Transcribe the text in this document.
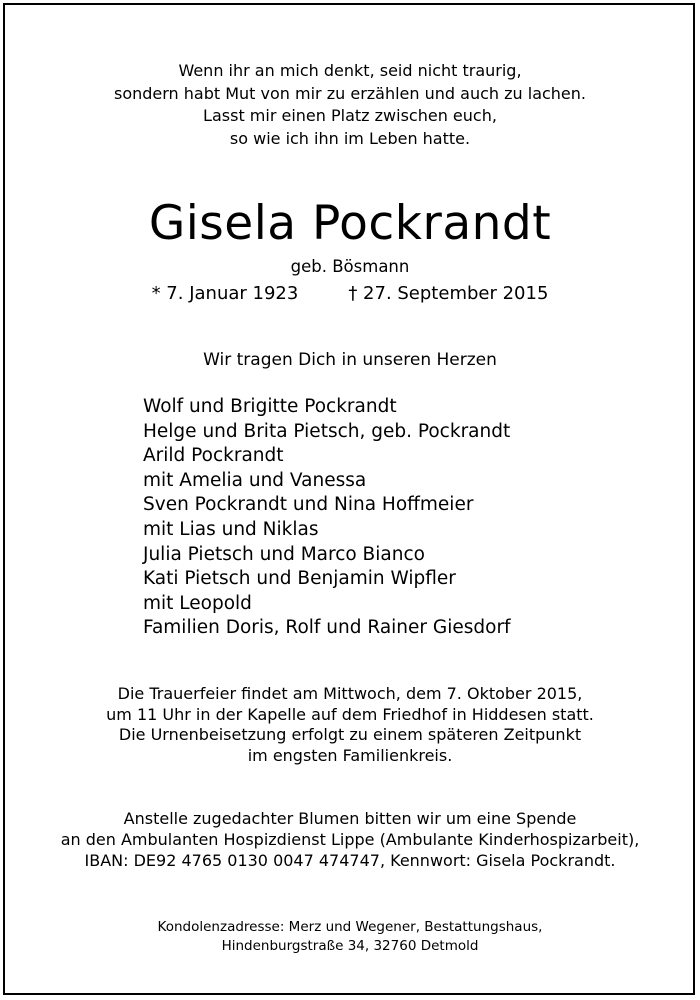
Wenn ihr an mich denkt, seid nicht traurig,
sondern habt Mut von mir zu erzählen und auch zu lachen.
Lasst mir einen Platz zwischen euch,
so wie ich ihn im Leben hatte.
Gisela Pockrandt
geb. Bösmann
* 7. Januar 1923	† 27. September 2015
Wir tragen Dich in unseren Herzen
Wolf und Brigitte Pockrandt
Helge und Brita Pietsch, geb. Pockrandt
Arild Pockrandt
mit Amelia und Vanessa
Sven Pockrandt und Nina Hoffmeier
mit Lias und Niklas
Julia Pietsch und Marco Bianco
Kati Pietsch und Benjamin Wipfler
mit Leopold
Familien Doris, Rolf und Rainer Giesdorf
Die Trauerfeier findet am Mittwoch, dem 7. Oktober 2015,
um 11 Uhr in der Kapelle auf dem Friedhof in Hiddesen statt.
Die Urnenbeisetzung erfolgt zu einem späteren Zeitpunkt
im engsten Familienkreis.
Anstelle zugedachter Blumen bitten wir um eine Spende
an den Ambulanten Hospizdienst Lippe (Ambulante Kinderhospizarbeit),
IBAN: DE92 4765 0130 0047 474747, Kennwort: Gisela Pockrandt.
Kondolenzadresse: Merz und Wegener, Bestattungshaus,
Hindenburgstraße 34, 32760 Detmold
